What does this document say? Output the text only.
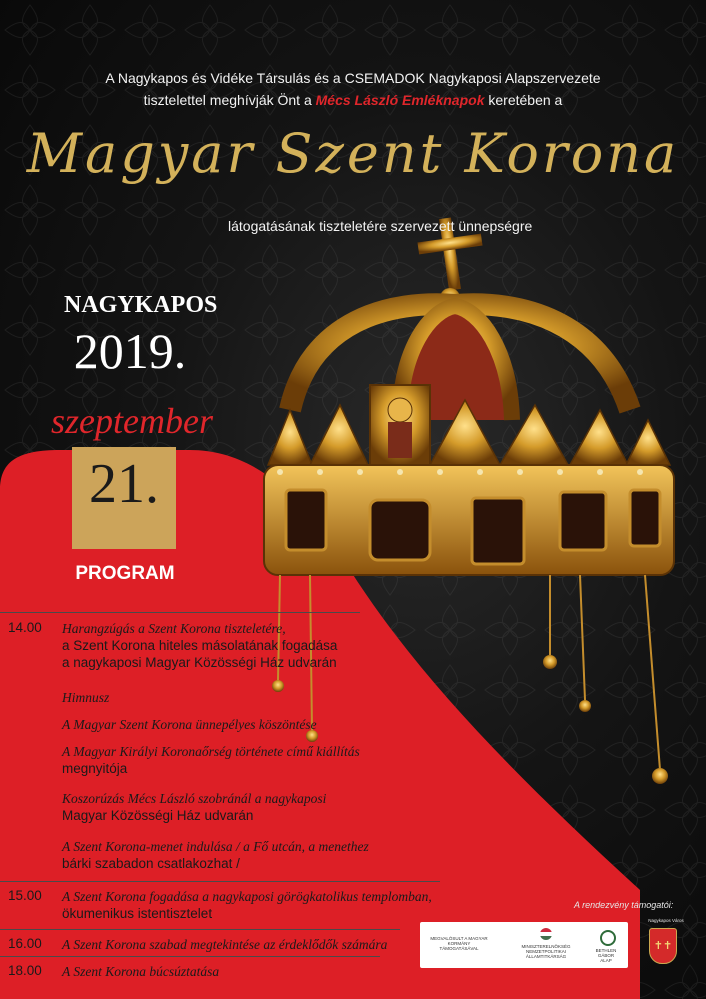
A Nagykapos és Vidéke Társulás és a CSEMADOK Nagykaposi Alapszervezete
tisztelettel meghívják Önt a Mécs László Emléknapok keretében a
Magyar Szent Korona
látogatásának tiszteletére szervezett ünnepségre
NAGYKAPOS
2019.
szeptember
21.
PROGRAM
14.00 Harangzúgás a Szent Korona tiszteletére,
a Szent Korona hiteles másolatának fogadása
a nagykaposi Magyar Közösségi Ház udvarán
Himnusz
A Magyar Szent Korona ünnepélyes köszöntése
A Magyar Királyi Koronaőrség története című kiállítás
megnyitója
Koszorúzás Mécs László szobránál a nagykaposi
Magyar Közösségi Ház udvarán
A Szent Korona-menet indulása / a Fő utcán, a menethez
bárki szabadon csatlakozhat /
15.00 A Szent Korona fogadása a nagykaposi görögkatolikus templomban,
ökumenikus istentisztelet
16.00 A Szent Korona szabad megtekintése az érdeklődők számára
18.00 A Szent Korona búcsúztatása
A rendezvény támogatói:
MEGVALÓSULT A MAGYAR KORMÁNY
TÁMOGATÁSÁVAL	MINISZTERELNÖKSÉG
NEMZETPOLITIKAI ÁLLAMTITKÁRSÁG
BETHLEN GÁBOR
ALAP
Nagykapos Város
✝✝
